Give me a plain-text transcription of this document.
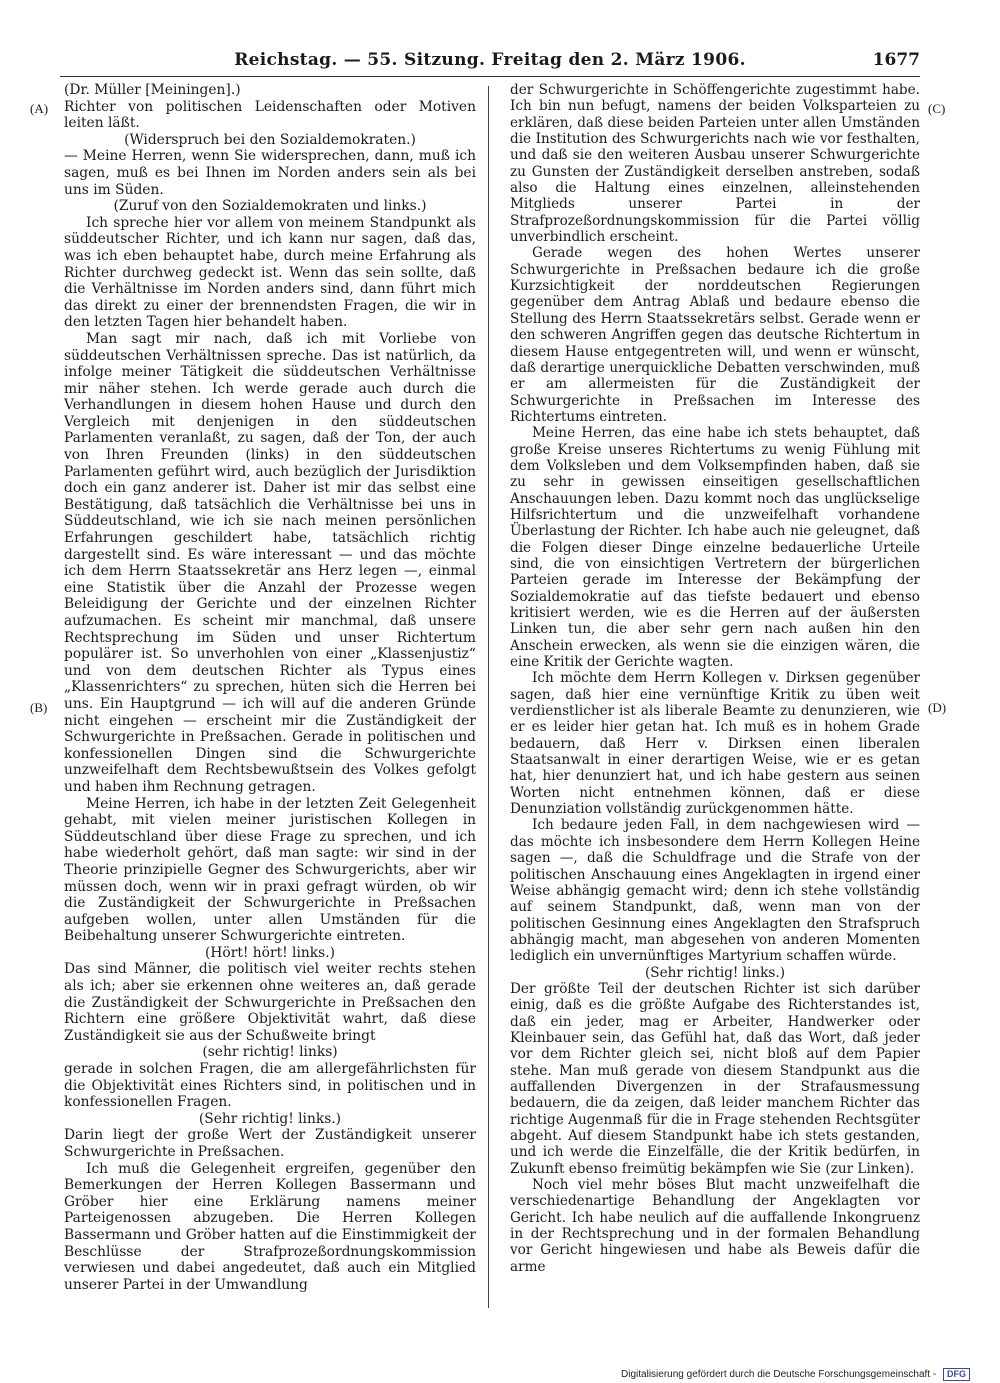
Reichstag. — 55. Sitzung. Freitag den 2. März 1906.	1677
(A)
(B)
(C)
(D)

(Dr. Müller [Meiningen].)

Richter von politischen Leidenschaften oder Motiven leiten läßt.

(Widerspruch bei den Sozialdemokraten.)

— Meine Herren, wenn Sie widersprechen, dann, muß ich sagen, muß es bei Ihnen im Norden anders sein als bei uns im Süden.

(Zuruf von den Sozialdemokraten und links.)

Ich spreche hier vor allem von meinem Standpunkt als süddeutscher Richter, und ich kann nur sagen, daß das, was ich eben behauptet habe, durch meine Erfahrung als Richter durchweg gedeckt ist. Wenn das sein sollte, daß die Verhältnisse im Norden anders sind, dann führt mich das direkt zu einer der brennendsten Fragen, die wir in den letzten Tagen hier behandelt haben.

Man sagt mir nach, daß ich mit Vorliebe von süddeutschen Verhältnissen spreche. Das ist natürlich, da infolge meiner Tätigkeit die süddeutschen Verhältnisse mir näher stehen. Ich werde gerade auch durch die Verhandlungen in diesem hohen Hause und durch den Vergleich mit denjenigen in den süddeutschen Parlamenten veranlaßt, zu sagen, daß der Ton, der auch von Ihren Freunden (links) in den süddeutschen Parlamenten geführt wird, auch bezüglich der Jurisdiktion doch ein ganz anderer ist. Daher ist mir das selbst eine Bestätigung, daß tatsächlich die Verhältnisse bei uns in Süddeutschland, wie ich sie nach meinen persönlichen Erfahrungen geschildert habe, tatsächlich richtig dargestellt sind. Es wäre interessant — und das möchte ich dem Herrn Staatssekretär ans Herz legen —, einmal eine Statistik über die Anzahl der Prozesse wegen Beleidigung der Gerichte und der einzelnen Richter aufzumachen. Es scheint mir manchmal, daß unsere Rechtsprechung im Süden und unser Richtertum populärer ist. So unverhohlen von einer „Klassenjustiz“ und von dem deutschen Richter als Typus eines „Klassenrichters“ zu sprechen, hüten sich die Herren bei uns. Ein Hauptgrund — ich will auf die anderen Gründe nicht eingehen — erscheint mir die Zuständigkeit der Schwurgerichte in Preßsachen. Gerade in politischen und konfessionellen Dingen sind die Schwurgerichte unzweifelhaft dem Rechtsbewußtsein des Volkes gefolgt und haben ihm Rechnung getragen.

Meine Herren, ich habe in der letzten Zeit Gelegenheit gehabt, mit vielen meiner juristischen Kollegen in Süddeutschland über diese Frage zu sprechen, und ich habe wiederholt gehört, daß man sagte: wir sind in der Theorie prinzipielle Gegner des Schwurgerichts, aber wir müssen doch, wenn wir in praxi gefragt würden, ob wir die Zuständigkeit der Schwurgerichte in Preßsachen aufgeben wollen, unter allen Umständen für die Beibehaltung unserer Schwurgerichte eintreten.

(Hört! hört! links.)

Das sind Männer, die politisch viel weiter rechts stehen als ich; aber sie erkennen ohne weiteres an, daß gerade die Zuständigkeit der Schwurgerichte in Preßsachen den Richtern eine größere Objektivität wahrt, daß diese Zuständigkeit sie aus der Schußweite bringt

(sehr richtig! links)

gerade in solchen Fragen, die am allergefährlichsten für die Objektivität eines Richters sind, in politischen und in konfessionellen Fragen.

(Sehr richtig! links.)

Darin liegt der große Wert der Zuständigkeit unserer Schwurgerichte in Preßsachen.

Ich muß die Gelegenheit ergreifen, gegenüber den Bemerkungen der Herren Kollegen Bassermann und Gröber hier eine Erklärung namens meiner Parteigenossen abzugeben. Die Herren Kollegen Bassermann und Gröber hatten auf die Einstimmigkeit der Beschlüsse der Strafprozeßordnungskommission verwiesen und dabei angedeutet, daß auch ein Mitglied unserer Partei in der Umwandlung

der Schwurgerichte in Schöffengerichte zugestimmt habe. Ich bin nun befugt, namens der beiden Volksparteien zu erklären, daß diese beiden Parteien unter allen Umständen die Institution des Schwurgerichts nach wie vor festhalten, und daß sie den weiteren Ausbau unserer Schwurgerichte zu Gunsten der Zuständigkeit derselben anstreben, sodaß also die Haltung eines einzelnen, alleinstehenden Mitglieds unserer Partei in der Strafprozeßordnungskommission für die Partei völlig unverbindlich erscheint.

Gerade wegen des hohen Wertes unserer Schwurgerichte in Preßsachen bedaure ich die große Kurzsichtigkeit der norddeutschen Regierungen gegenüber dem Antrag Ablaß und bedaure ebenso die Stellung des Herrn Staatssekretärs selbst. Gerade wenn er den schweren Angriffen gegen das deutsche Richtertum in diesem Hause entgegentreten will, und wenn er wünscht, daß derartige unerquickliche Debatten verschwinden, muß er am allermeisten für die Zuständigkeit der Schwurgerichte in Preßsachen im Interesse des Richtertums eintreten.

Meine Herren, das eine habe ich stets behauptet, daß große Kreise unseres Richtertums zu wenig Fühlung mit dem Volksleben und dem Volksempfinden haben, daß sie zu sehr in gewissen einseitigen gesellschaftlichen Anschauungen leben. Dazu kommt noch das unglückselige Hilfsrichtertum und die unzweifelhaft vorhandene Überlastung der Richter. Ich habe auch nie geleugnet, daß die Folgen dieser Dinge einzelne bedauerliche Urteile sind, die von einsichtigen Vertretern der bürgerlichen Parteien gerade im Interesse der Bekämpfung der Sozialdemokratie auf das tiefste bedauert und ebenso kritisiert werden, wie es die Herren auf der äußersten Linken tun, die aber sehr gern nach außen hin den Anschein erwecken, als wenn sie die einzigen wären, die eine Kritik der Gerichte wagten.

Ich möchte dem Herrn Kollegen v. Dirksen gegenüber sagen, daß hier eine vernünftige Kritik zu üben weit verdienstlicher ist als liberale Beamte zu denunzieren, wie er es leider hier getan hat. Ich muß es in hohem Grade bedauern, daß Herr v. Dirksen einen liberalen Staatsanwalt in einer derartigen Weise, wie er es getan hat, hier denunziert hat, und ich habe gestern aus seinen Worten nicht entnehmen können, daß er diese Denunziation vollständig zurückgenommen hätte.

Ich bedaure jeden Fall, in dem nachgewiesen wird — das möchte ich insbesondere dem Herrn Kollegen Heine sagen —, daß die Schuldfrage und die Strafe von der politischen Anschauung eines Angeklagten in irgend einer Weise abhängig gemacht wird; denn ich stehe vollständig auf seinem Standpunkt, daß, wenn man von der politischen Gesinnung eines Angeklagten den Strafspruch abhängig macht, man abgesehen von anderen Momenten lediglich ein unvernünftiges Martyrium schaffen würde.

(Sehr richtig! links.)

Der größte Teil der deutschen Richter ist sich darüber einig, daß es die größte Aufgabe des Richterstandes ist, daß ein jeder, mag er Arbeiter, Handwerker oder Kleinbauer sein, das Gefühl hat, daß das Wort, daß jeder vor dem Richter gleich sei, nicht bloß auf dem Papier stehe. Man muß gerade von diesem Standpunkt aus die auffallenden Divergenzen in der Strafausmessung bedauern, die da zeigen, daß leider manchem Richter das richtige Augenmaß für die in Frage stehenden Rechtsgüter abgeht. Auf diesem Standpunkt habe ich stets gestanden, und ich werde die Einzelfälle, die der Kritik bedürfen, in Zukunft ebenso freimütig bekämpfen wie Sie (zur Linken).

Noch viel mehr böses Blut macht unzweifelhaft die verschiedenartige Behandlung der Angeklagten vor Gericht. Ich habe neulich auf die auffallende Inkongruenz in der Rechtsprechung und in der formalen Behandlung vor Gericht hingewiesen und habe als Beweis dafür die arme

Digitalisierung gefördert durch die Deutsche Forschungsgemeinschaft - DFG
